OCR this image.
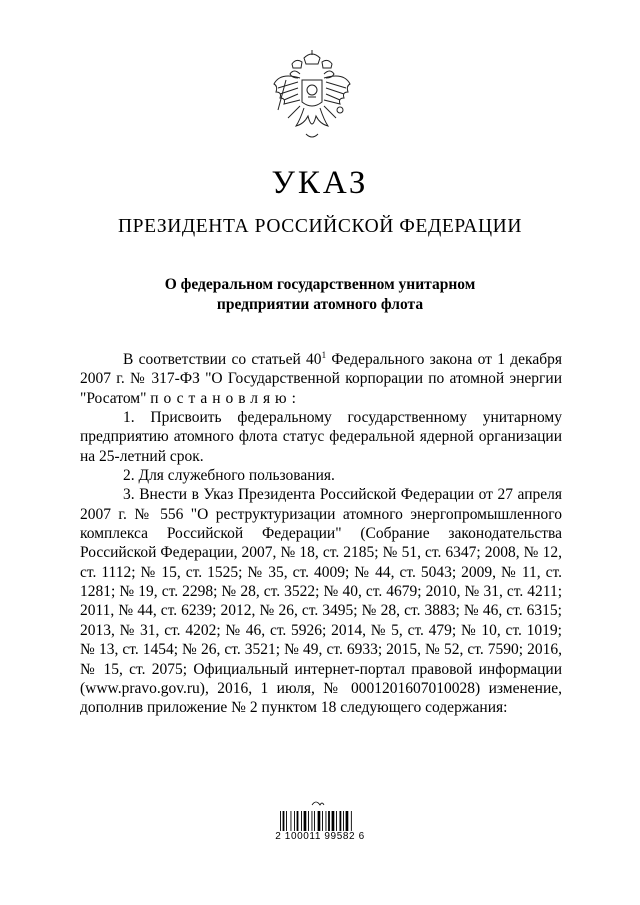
УКАЗ
ПРЕЗИДЕНТА РОССИЙСКОЙ ФЕДЕРАЦИИ
О федеральном государственном унитарном
предприятии атомного флота

В соответствии со статьей $40^1$ Федерального закона от 1 декабря 2007 г. № 317-ФЗ "О Государственной корпорации по атомной энергии "Росатом" постановляю:

1. Присвоить федеральному государственному унитарному предприятию атомного флота статус федеральной ядерной организации на 25-летний срок.

2. Для служебного пользования.

3. Внести в Указ Президента Российской Федерации от 27 апреля 2007 г. № 556 "О реструктуризации атомного энергопромышленного комплекса Российской Федерации" (Собрание законодательства Российской Федерации, 2007, № 18, ст. 2185; № 51, ст. 6347; 2008, № 12, ст. 1112; № 15, ст. 1525; № 35, ст. 4009; № 44, ст. 5043; 2009, № 11, ст. 1281; № 19, ст. 2298; № 28, ст. 3522; № 40, ст. 4679; 2010, № 31, ст. 4211; 2011, № 44, ст. 6239; 2012, № 26, ст. 3495; № 28, ст. 3883; № 46, ст. 6315; 2013, № 31, ст. 4202; № 46, ст. 5926; 2014, № 5, ст. 479; № 10, ст. 1019; № 13, ст. 1454; № 26, ст. 3521; № 49, ст. 6933; 2015, № 52, ст. 7590; 2016, № 15, ст. 2075; Официальный интернет-портал правовой информации (www.pravo.gov.ru), 2016, 1 июля, № 0001201607010028) изменение, дополнив приложение № 2 пунктом 18 следующего содержания:

2 100011 99582 6
